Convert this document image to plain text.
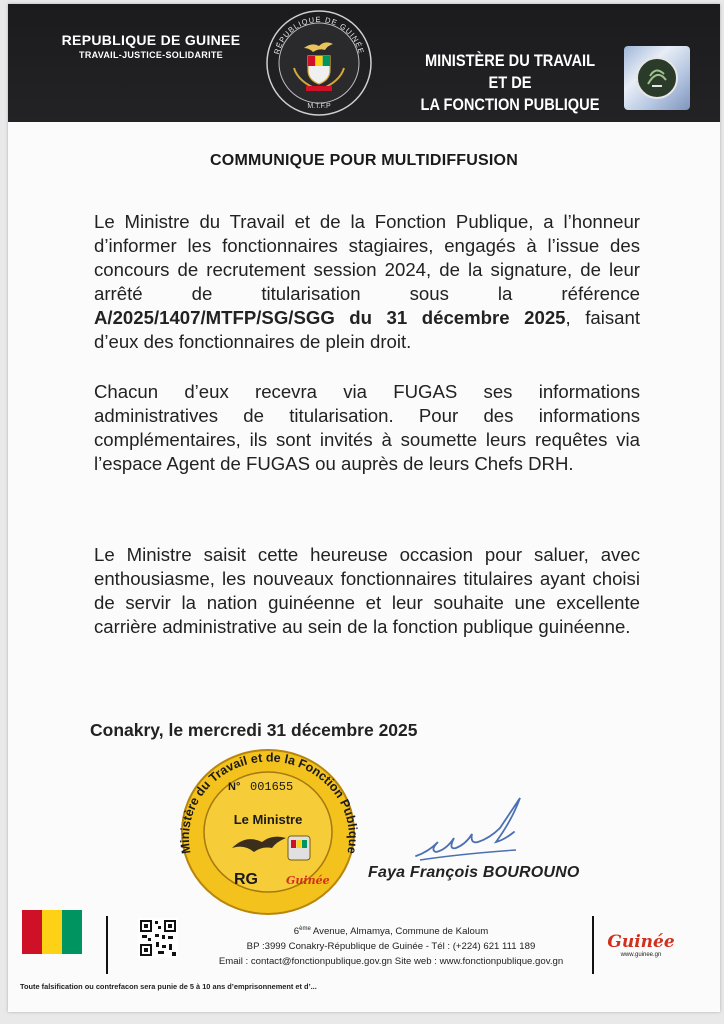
REPUBLIQUE DE GUINEE
TRAVAIL-JUSTICE-SOLIDARITE	RÉPUBLIQUE DE GUINÉE
M.T.F.P
MINISTÈRE DU TRAVAIL ET DE
LA FONCTION PUBLIQUE
COMMUNIQUE POUR MULTIDIFFUSION
Le Ministre du Travail et de la Fonction Publique, a l’honneur d’informer les fonctionnaires stagiaires, engagés à l’issue des concours de recrutement session 2024, de la signature, de leur arrêté de titularisation sous la référence A/2025/1407/MTFP/SG/SGG du 31 décembre 2025, faisant d’eux des fonctionnaires de plein droit.
Chacun d’eux recevra via FUGAS ses informations administratives de titularisation. Pour des informations complémentaires, ils sont invités à soumette leurs requêtes via l’espace Agent de FUGAS ou auprès de leurs Chefs DRH.
Le Ministre saisit cette heureuse occasion pour saluer, avec enthousiasme, les nouveaux fonctionnaires titulaires ayant choisi de servir la nation guinéenne et leur souhaite une excellente carrière administrative au sein de la fonction publique guinéenne.
Conakry, le mercredi 31 décembre 2025
Ministère du Travail et de la Fonction Publique
N° 001655
Le Ministre
RG	Guinée Faya François BOUROUNO
6ème Avenue, Almamya, Commune de Kaloum
BP :3999 Conakry-République de Guinée - Tél : (+224) 621 111 189
Email : contact@fonctionpublique.gov.gn Site web : www.fonctionpublique.gov.gn
Guinée
www.guinee.gn
Toute falsification ou contrefacon sera punie de 5 à 10 ans d’emprisonnement et d’...
